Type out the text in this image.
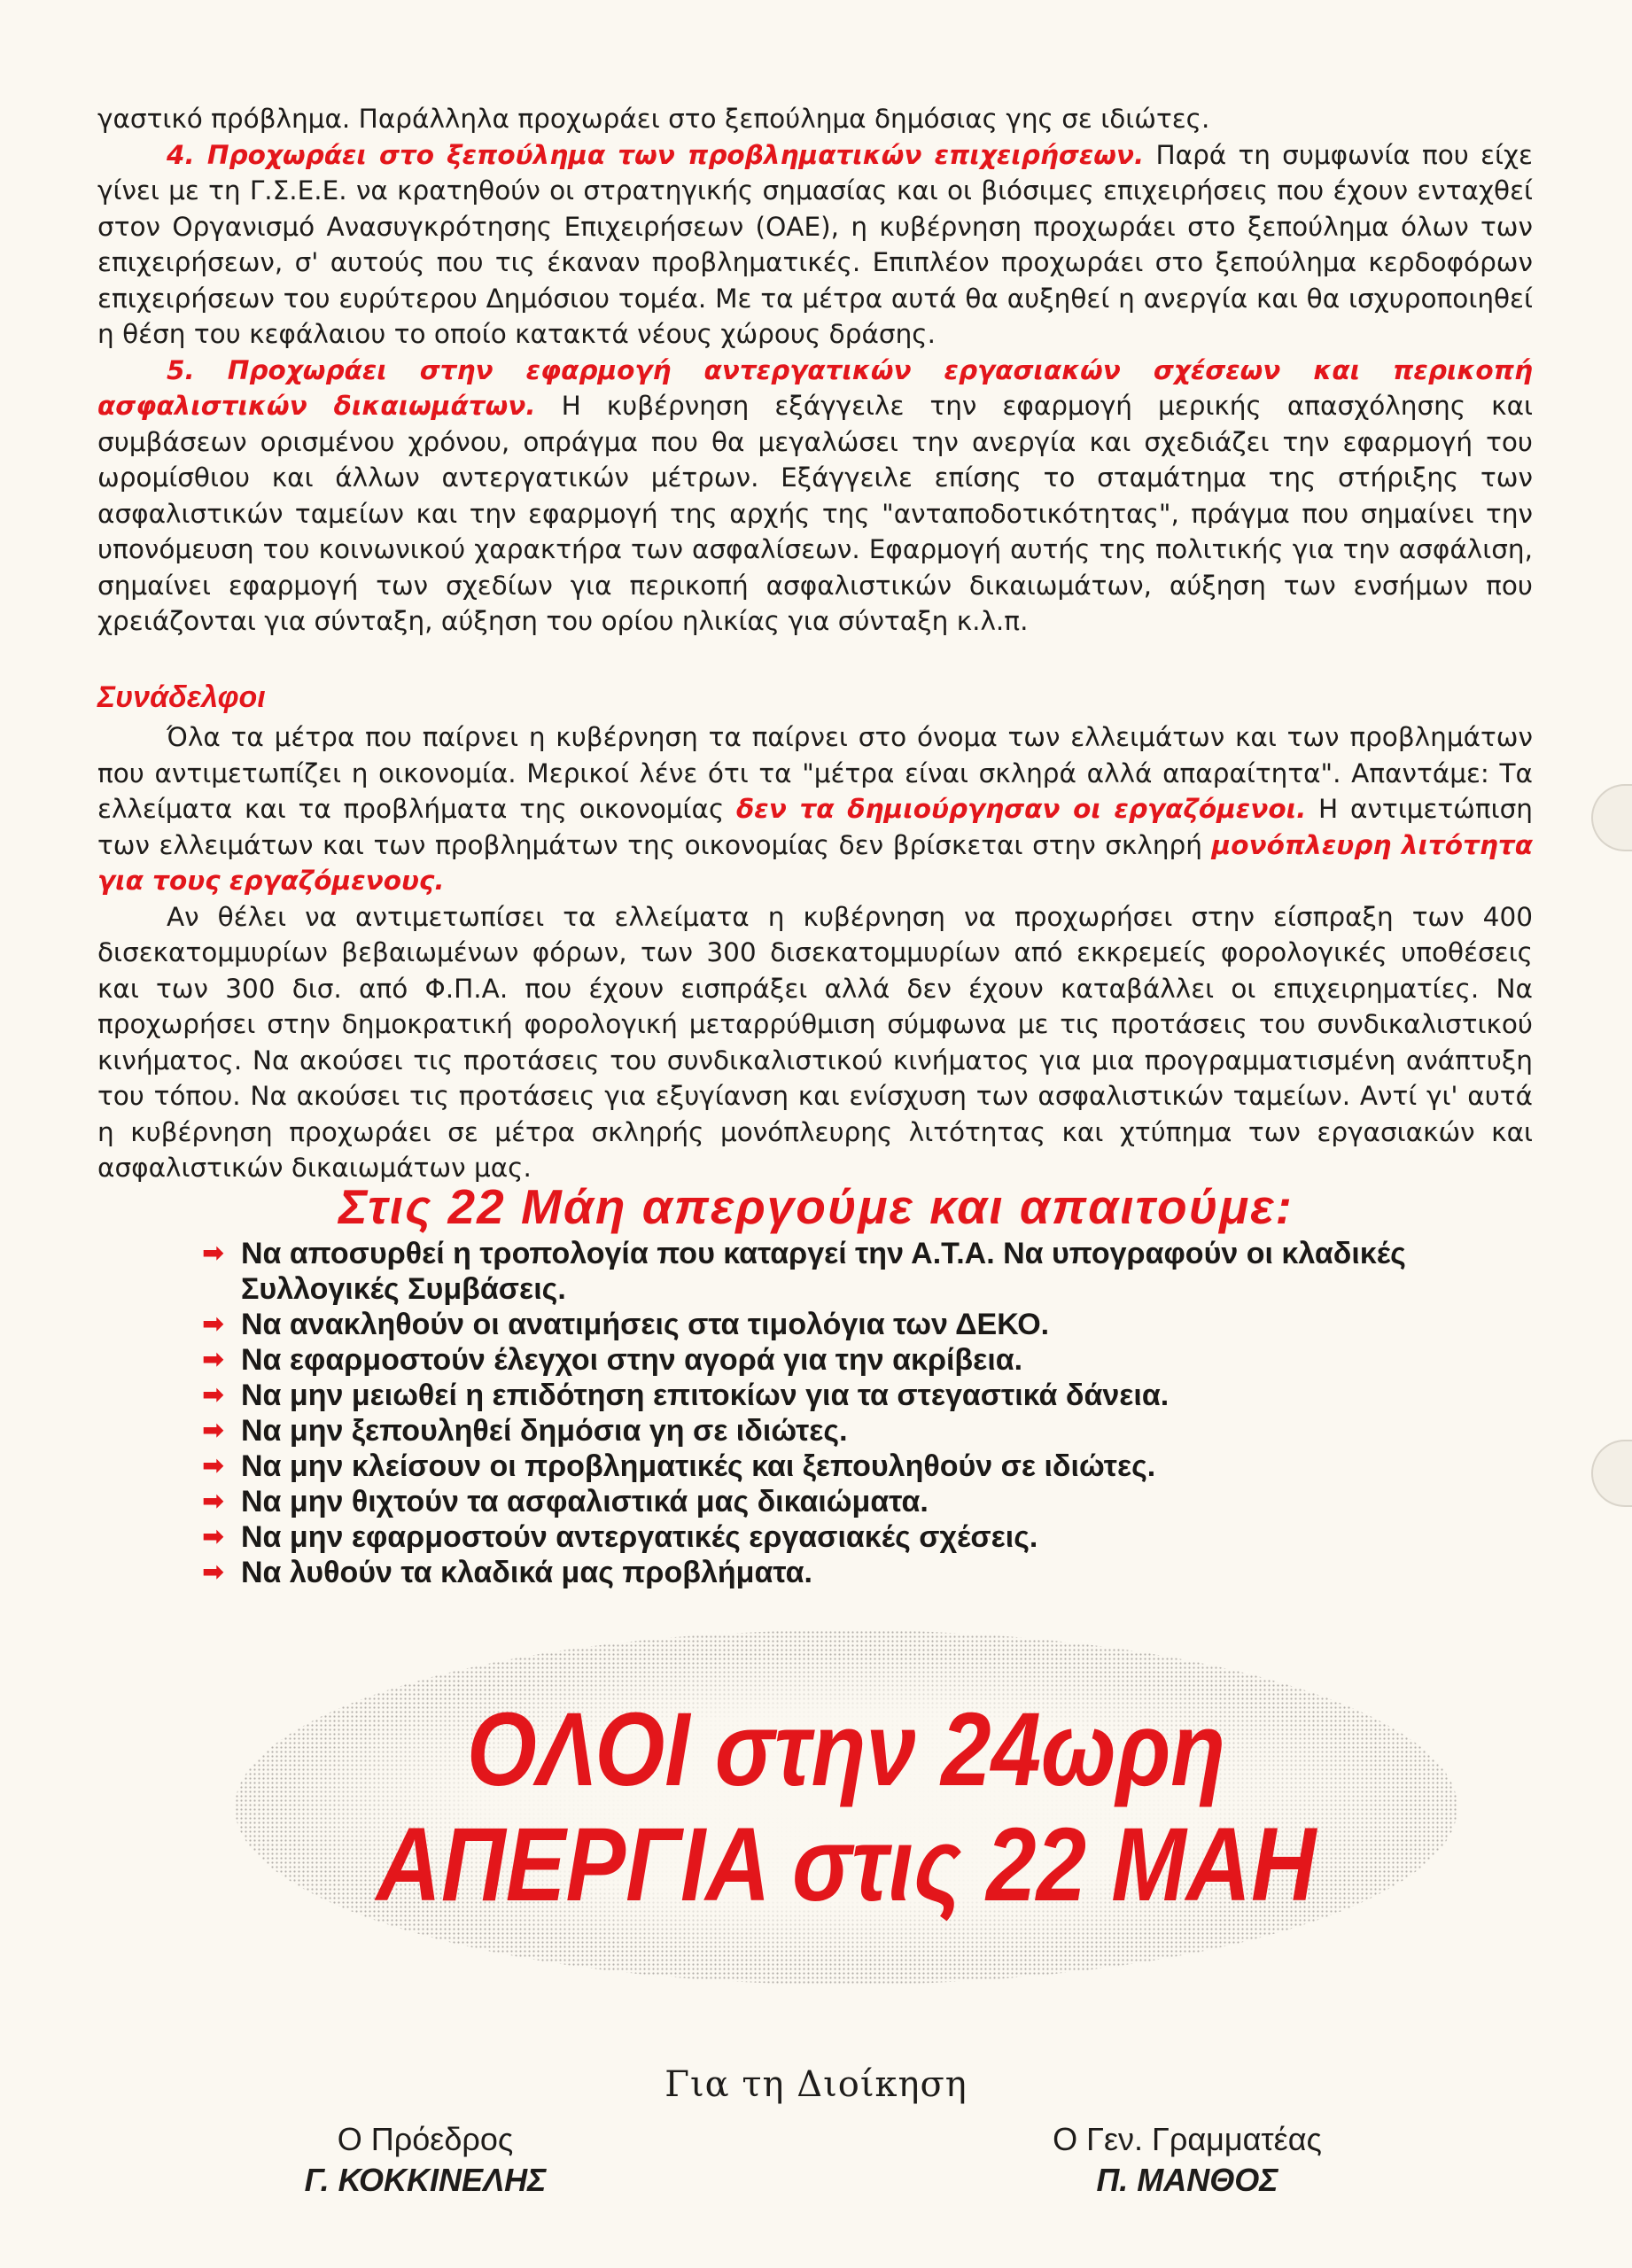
γαστικό πρόβλημα. Παράλληλα προχωράει στο ξεπούλημα δημόσιας γης σε ιδιώτες.

4. Προχωράει στο ξεπούλημα των προβληματικών επιχειρήσεων. Παρά τη συμφωνία που είχε γίνει με τη Γ.Σ.Ε.Ε. να κρατηθούν οι στρατηγικής σημασίας και οι βιόσιμες επιχειρήσεις που έχουν ενταχθεί στον Οργανισμό Ανασυγκρότησης Επιχειρήσεων (ΟΑΕ), η κυβέρνηση προχωράει στο ξεπούλημα όλων των επιχειρήσεων, σ' αυτούς που τις έκαναν προβληματικές. Επιπλέον προχωράει στο ξεπούλημα κερδοφόρων επιχειρήσεων του ευρύτερου Δημόσιου τομέα. Με τα μέτρα αυτά θα αυξηθεί η ανεργία και θα ισχυροποιηθεί η θέση του κεφάλαιου το οποίο κατακτά νέους χώρους δράσης.

5. Προχωράει στην εφαρμογή αντεργατικών εργασιακών σχέσεων και περικοπή ασφαλιστικών δικαιωμάτων. Η κυβέρνηση εξάγγειλε την εφαρμογή μερικής απασχόλησης και συμβάσεων ορισμένου χρόνου, οπράγμα που θα μεγαλώσει την ανεργία και σχεδιάζει την εφαρμογή του ωρομίσθιου και άλλων αντεργατικών μέτρων. Εξάγγειλε επίσης το σταμάτημα της στήριξης των ασφαλιστικών ταμείων και την εφαρμογή της αρχής της "ανταποδοτικότητας", πράγμα που σημαίνει την υπονόμευση του κοινωνικού χαρακτήρα των ασφαλίσεων. Εφαρμογή αυτής της πολιτικής για την ασφάλιση, σημαίνει εφαρμογή των σχεδίων για περικοπή ασφαλιστικών δικαιωμάτων, αύξηση των ενσήμων που χρειάζονται για σύνταξη, αύξηση του ορίου ηλικίας για σύνταξη κ.λ.π.

Συνάδελφοι

Όλα τα μέτρα που παίρνει η κυβέρνηση τα παίρνει στο όνομα των ελλειμάτων και των προβλημάτων που αντιμετωπίζει η οικονομία. Μερικοί λένε ότι τα "μέτρα είναι σκληρά αλλά απαραίτητα". Απαντάμε: Τα ελλείματα και τα προβλήματα της οικονομίας δεν τα δημιούργησαν οι εργαζόμενοι. Η αντιμετώπιση των ελλειμάτων και των προβλημάτων της οικονομίας δεν βρίσκεται στην σκληρή μονόπλευρη λιτότητα για τους εργαζόμενους.

Αν θέλει να αντιμετωπίσει τα ελλείματα η κυβέρνηση να προχωρήσει στην είσπραξη των 400 δισεκατομμυρίων βεβαιωμένων φόρων, των 300 δισεκατομμυρίων από εκκρεμείς φορολογικές υποθέσεις και των 300 δισ. από Φ.Π.Α. που έχουν εισπράξει αλλά δεν έχουν καταβάλλει οι επιχειρηματίες. Να προχωρήσει στην δημοκρατική φορολογική μεταρρύθμιση σύμφωνα με τις προτάσεις του συνδικαλιστικού κινήματος. Να ακούσει τις προτάσεις του συνδικαλιστικού κινήματος για μια προγραμματισμένη ανάπτυξη του τόπου. Να ακούσει τις προτάσεις για εξυγίανση και ενίσχυση των ασφαλιστικών ταμείων. Αντί γι' αυτά η κυβέρνηση προχωράει σε μέτρα σκληρής μονόπλευρης λιτότητας και χτύπημα των εργασιακών και ασφαλιστικών δικαιωμάτων μας.

Στις 22 Μάη απεργούμε και απαιτούμε:
➡ Να αποσυρθεί η τροπολογία που καταργεί την Α.Τ.Α. Να υπογραφούν οι κλαδικές Συλλογικές Συμβάσεις.
➡ Να ανακληθούν οι ανατιμήσεις στα τιμολόγια των ΔΕΚΟ.
➡ Να εφαρμοστούν έλεγχοι στην αγορά για την ακρίβεια.
➡ Να μην μειωθεί η επιδότηση επιτοκίων για τα στεγαστικά δάνεια.
➡ Να μην ξεπουληθεί δημόσια γη σε ιδιώτες.
➡ Να μην κλείσουν οι προβληματικές και ξεπουληθούν σε ιδιώτες.
➡ Να μην θιχτούν τα ασφαλιστικά μας δικαιώματα.
➡ Να μην εφαρμοστούν αντεργατικές εργασιακές σχέσεις.
➡ Να λυθούν τα κλαδικά μας προβλήματα.
ΟΛΟΙ στην 24ωρη
ΑΠΕΡΓΙΑ στις 22 ΜΑΗ
Για τη Διοίκηση
Ο Πρόεδρος
Γ. ΚΟΚΚΙΝΕΛΗΣ
Ο Γεν. Γραμματέας
Π. ΜΑΝΘΟΣ
